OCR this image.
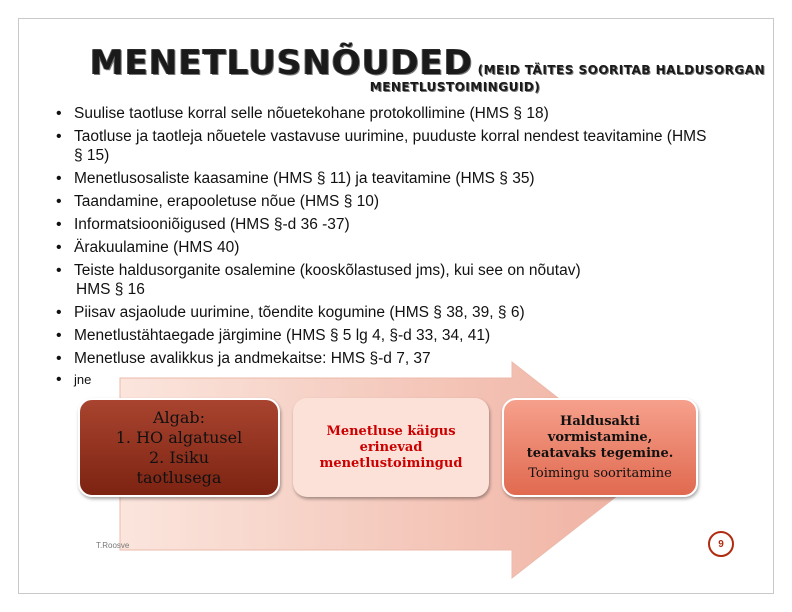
MENETLUSNÕUDED (MEID TÄITES SOORITAB HALDUSORGAN
MENETLUSTOIMINGUID)
• Suulise taotluse korral selle nõuetekohane protokollimine (HMS § 18)
• Taotluse ja taotleja nõuetele vastavuse uurimine, puuduste korral nendest teavitamine (HMS § 15)
• Menetlusosaliste kaasamine (HMS § 11) ja teavitamine (HMS § 35)
• Taandamine, erapooletuse nõue (HMS § 10)
• Informatsiooniõigused (HMS §-d 36 -37)
• Ärakuulamine (HMS 40)
• Teiste haldusorganite osalemine (kooskõlastused jms), kui see on nõutav)
HMS § 16
• Piisav asjaolude uurimine, tõendite kogumine (HMS § 38, 39, § 6)
• Menetlustähtaegade järgimine (HMS § 5 lg 4, §-d 33, 34, 41)
• Menetluse avalikkus ja andmekaitse: HMS §-d 7, 37
• jne
Algab:
1. HO algatusel
2. Isiku
taotlusega
Menetluse käigus
erinevad
menetlustoimingud
Haldusakti
vormistamine,
teatavaks tegemine.
Toimingu sooritamine
T.Roosve	9
